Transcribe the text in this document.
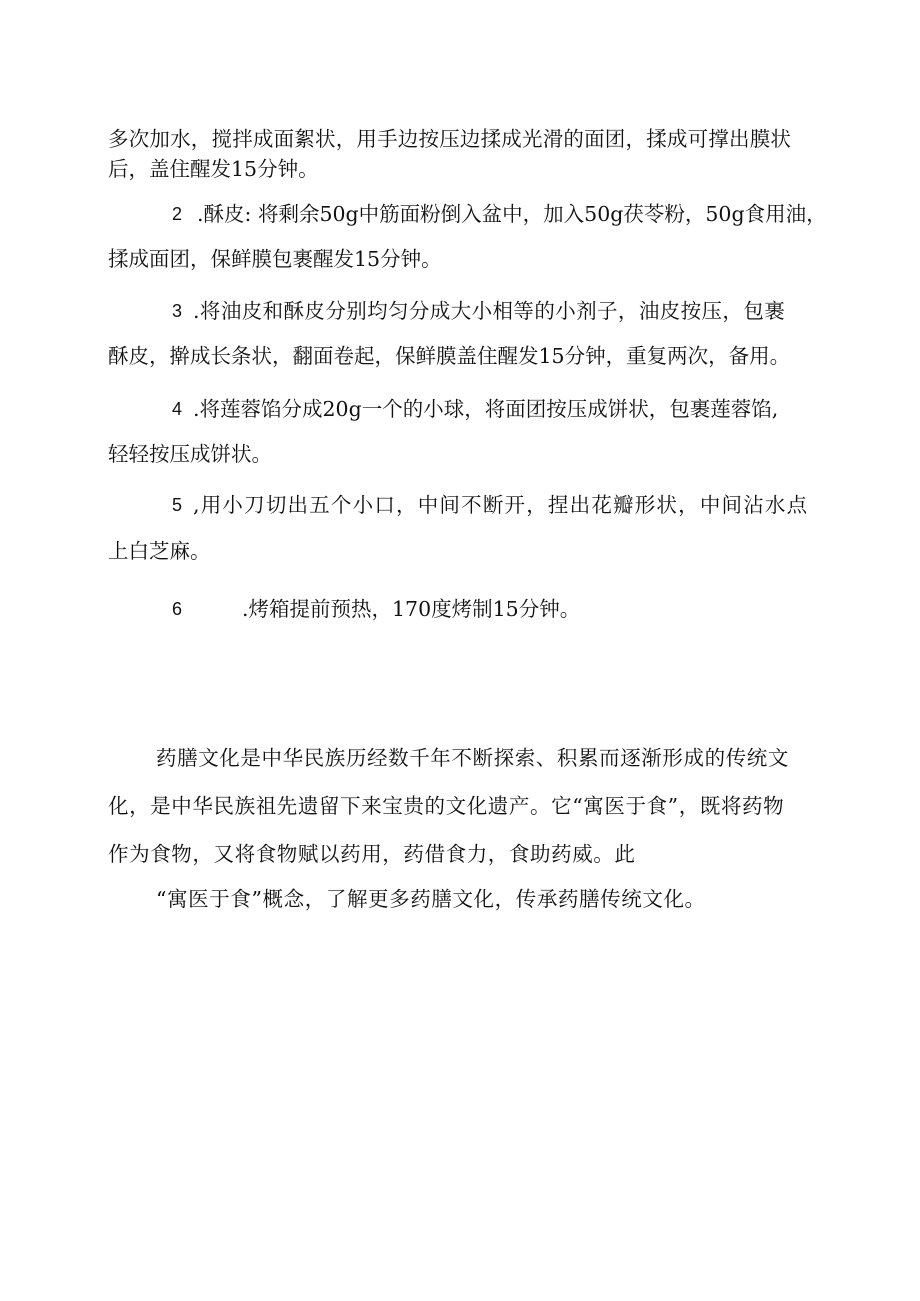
多次加水，搅拌成面絮状，用手边按压边揉成光滑的面团，揉成可撑出膜状
后，盖住醒发15分钟。
2 .酥皮: 将剩余50g中筋面粉倒入盆中，加入50g茯苓粉，50g食用油，
揉成面团，保鲜膜包裹醒发15分钟。
3 .将油皮和酥皮分别均匀分成大小相等的小剂子，油皮按压，包裹
酥皮，擀成长条状，翻面卷起，保鲜膜盖住醒发15分钟，重复两次，备用。
4 .将莲蓉馅分成20g一个的小球，将面团按压成饼状，包裹莲蓉馅,
轻轻按压成饼状。
5 ,用小刀切出五个小口，中间不断开，捏出花瓣形状，中间沾水点
上白芝麻。
6	.烤箱提前预热，170度烤制15分钟。
药膳文化是中华民族历经数千年不断探索、积累而逐渐形成的传统文
化，是中华民族祖先遗留下来宝贵的文化遗产。它“寓医于食”，既将药物
作为食物，又将食物赋以药用，药借食力，食助药威。此
“寓医于食”概念，了解更多药膳文化，传承药膳传统文化。
